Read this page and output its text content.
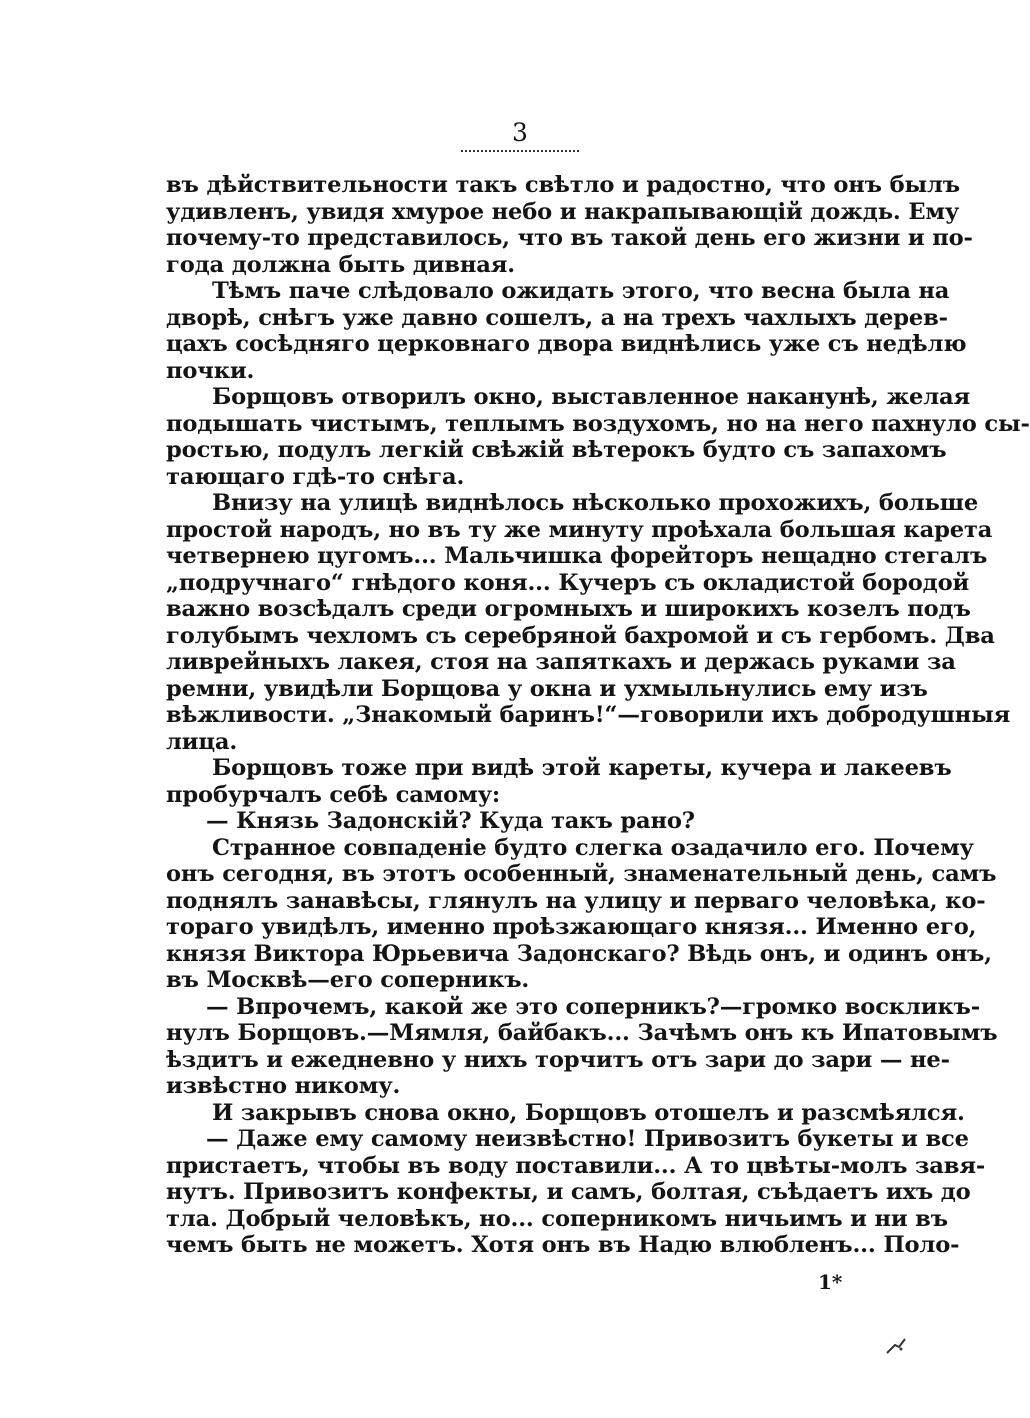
3
въ дѣйствительности такъ свѣтло и радостно, что онъ былъ
удивленъ, увидя хмурое небо и накрапывающій дождь. Ему
почему-то представилось, что въ такой день его жизни и по-
года должна быть дивная.
Тѣмъ паче слѣдовало ожидать этого, что весна была на
дворѣ, снѣгъ уже давно сошелъ, а на трехъ чахлыхъ дерев-
цахъ сосѣдняго церковнаго двора виднѣлись уже съ недѣлю
почки.
Борщовъ отворилъ окно, выставленное наканунѣ, желая
подышать чистымъ, теплымъ воздухомъ, но на него пахнуло сы-
ростью, подулъ легкій свѣжій вѣтерокъ будто съ запахомъ
тающаго гдѣ-то снѣга.
Внизу на улицѣ виднѣлось нѣсколько прохожихъ, больше
простой народъ, но въ ту же минуту проѣхала большая карета
четвернею цугомъ... Мальчишка форейторъ нещадно стегалъ
„подручнаго“ гнѣдого коня... Кучеръ съ окладистой бородой
важно возсѣдалъ среди огромныхъ и широкихъ козелъ подъ
голубымъ чехломъ съ серебряной бахромой и съ гербомъ. Два
ливрейныхъ лакея, стоя на запяткахъ и держась руками за
ремни, увидѣли Борщова у окна и ухмыльнулись ему изъ
вѣжливости. „Знакомый баринъ!“—говорили ихъ добродушныя
лица.
Борщовъ тоже при видѣ этой кареты, кучера и лакеевъ
пробурчалъ себѣ самому:
— Князь Задонскій? Куда такъ рано?
Странное совпаденіе будто слегка озадачило его. Почему
онъ сегодня, въ этотъ особенный, знаменательный день, самъ
поднялъ занавѣсы, глянулъ на улицу и перваго человѣка, ко-
тораго увидѣлъ, именно проѣзжающаго князя... Именно его,
князя Виктора Юрьевича Задонскаго? Вѣдь онъ, и одинъ онъ,
въ Москвѣ—его соперникъ.
— Впрочемъ, какой же это соперникъ?—громко воскликъ-
нулъ Борщовъ.—Мямля, байбакъ... Зачѣмъ онъ къ Ипатовымъ
ѣздитъ и ежедневно у нихъ торчитъ отъ зари до зари — не-
извѣстно никому.
И закрывъ снова окно, Борщовъ отошелъ и разсмѣялся.
— Даже ему самому неизвѣстно! Привозитъ букеты и все
пристаетъ, чтобы въ воду поставили... А то цвѣты-молъ завя-
нутъ. Привозитъ конфекты, и самъ, болтая, съѣдаетъ ихъ до
тла. Добрый человѣкъ, но... соперникомъ ничьимъ и ни въ
чемъ быть не можетъ. Хотя онъ въ Надю влюбленъ... Поло-
1*
